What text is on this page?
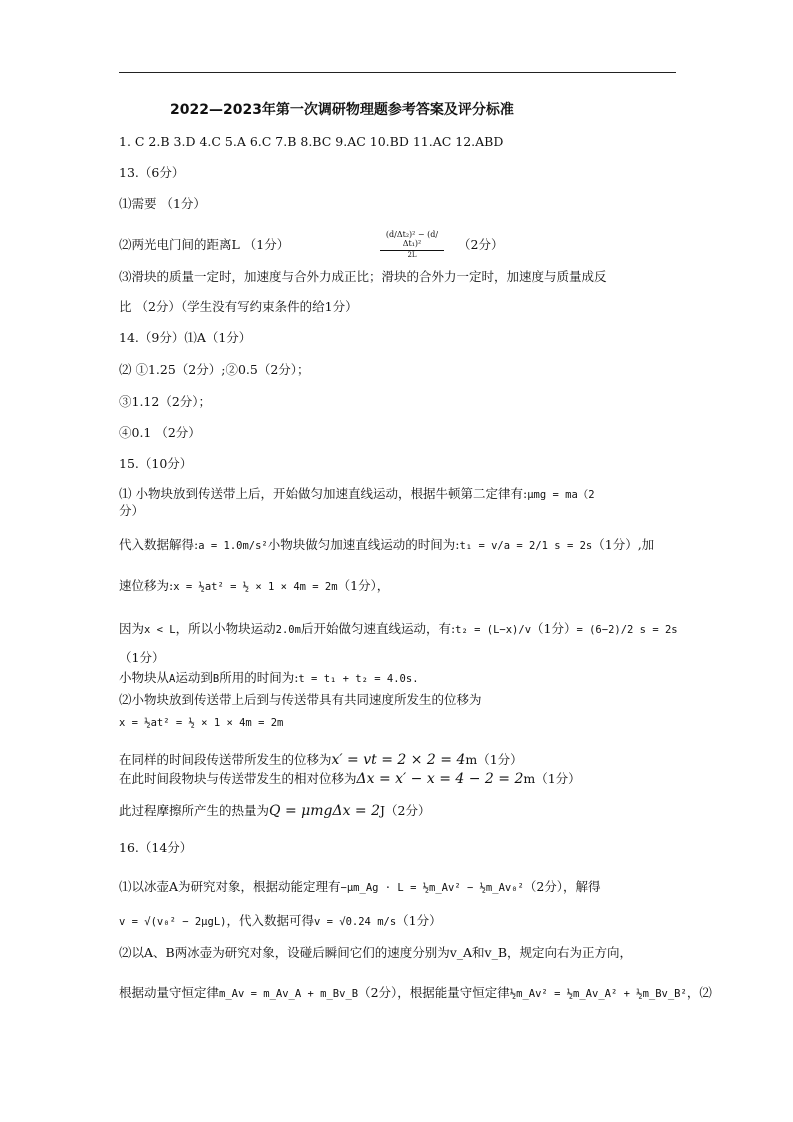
2022—2023年第一次调研物理题参考答案及评分标准
1. C 2.B 3.D 4.C 5.A 6.C 7.B 8.BC 9.AC 10.BD 11.AC 12.ABD
13.（6分）
⑴需要 （1分）
⑵两光电门间的距离L （1分）	$\frac{\text{(d/Δt₂)² − (d/Δt₁)²}}{2L} (2$分）
⑶滑块的质量一定时，加速度与合外力成正比；滑块的合外力一定时，加速度与质量成反
比 （2分）（学生没有写约束条件的给1分）
14.（9分）⑴A（1分）
⑵ ①1.25（2分）;②0.5（2分）；
③1.12（2分）；
④0.1 （2分）
15.（10分）
⑴ 小物块放到传送带上后，开始做匀加速直线运动，根据牛顿第二定律有:μmg = ma（2
分）
代入数据解得:a = 1.0m/s²小物块做匀加速直线运动的时间为:t₁ = v/a = 2/1 s = 2s（1分）,加
速位移为:x = ½at² = ½ × 1 × 4m = 2m（1分），
因为x < L，所以小物块运动2.0m后开始做匀速直线运动，有:t₂ = (L−x)/v（1分）= (6−2)/2 s = 2s
（1分）
小物块从A运动到B所用的时间为:t = t₁ + t₂ = 4.0s.
⑵小物块放到传送带上后到与传送带具有共同速度所发生的位移为
x = ½at² = ½ × 1 × 4m = 2m
在同样的时间段传送带所发生的位移为x′ = vt = 2 × 2 = 4m（1分）
在此时间段物块与传送带发生的相对位移为Δx = x′ − x = 4 − 2 = 2m（1分）
此过程摩擦所产生的热量为Q = μmgΔx = 2J（2分）
16.（14分）
⑴以冰壶A为研究对象，根据动能定理有−μm_Ag · L = ½m_Av² − ½m_Av₀²（2分），解得
v = √(v₀² − 2μgL)，代入数据可得v = √0.24 m/s（1分）
⑵以A、B两冰壶为研究对象，设碰后瞬间它们的速度分别为v_A和v_B，规定向右为正方向，
根据动量守恒定律m_Av = m_Av_A + m_Bv_B（2分），根据能量守恒定律½m_Av² = ½m_Av_A² + ½m_Bv_B²，⑵
